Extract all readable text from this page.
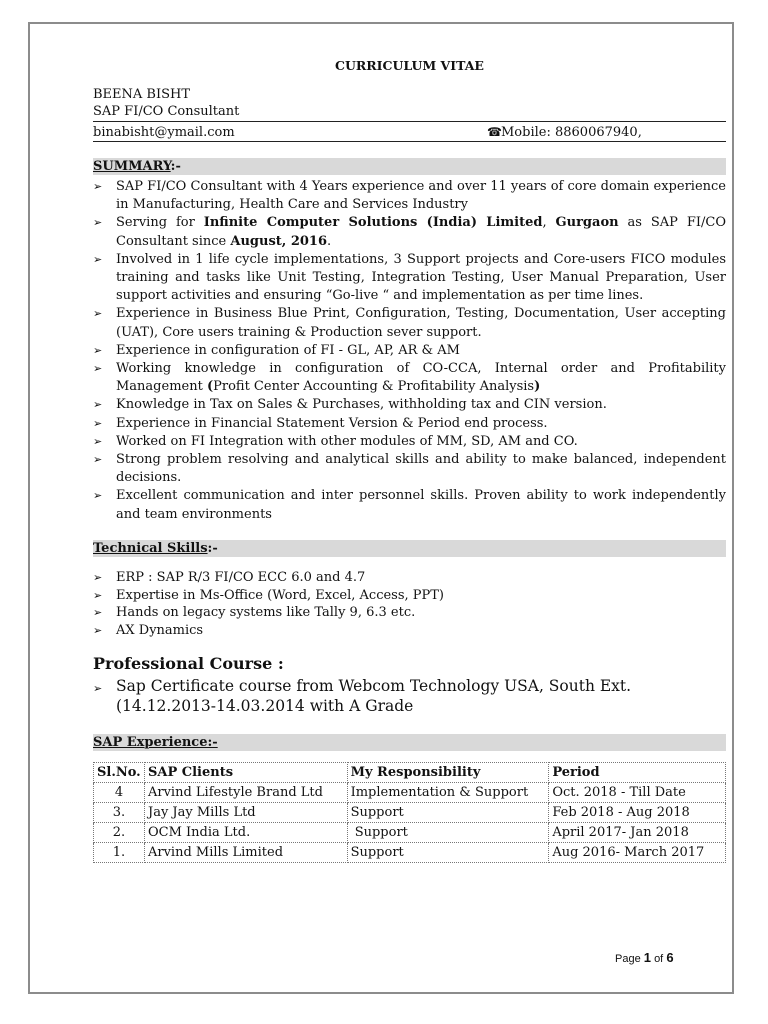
CURRICULUM VITAE
BEENA BISHT
SAP FI/CO Consultant
binabisht@ymail.com	☎Mobile: 8860067940,
SUMMARY:-
➢ SAP FI/CO Consultant with 4 Years experience and over 11 years of core domain experience in Manufacturing, Health Care and Services Industry
➢ Serving for Infinite Computer Solutions (India) Limited, Gurgaon as SAP FI/CO Consultant since August, 2016.
➢ Involved in 1 life cycle implementations, 3 Support projects and Core-users FICO modules training and tasks like Unit Testing, Integration Testing, User Manual Preparation, User support activities and ensuring “Go-live “ and implementation as per time lines.
➢ Experience in Business Blue Print, Configuration, Testing, Documentation, User accepting (UAT), Core users training & Production sever support.
➢ Experience in configuration of FI - GL, AP, AR & AM
➢ Working knowledge in configuration of CO-CCA, Internal order and Profitability Management (Profit Center Accounting & Profitability Analysis)
➢ Knowledge in Tax on Sales & Purchases, withholding tax and CIN version.
➢ Experience in Financial Statement Version & Period end process.
➢ Worked on FI Integration with other modules of MM, SD, AM and CO.
➢ Strong problem resolving and analytical skills and ability to make balanced, independent decisions.
➢ Excellent communication and inter personnel skills. Proven ability to work independently and team environments
Technical Skills:-
➢ ERP : SAP R/3 FI/CO ECC 6.0 and 4.7
➢ Expertise in Ms-Office (Word, Excel, Access, PPT)
➢ Hands on legacy systems like Tally 9, 6.3 etc.
➢ AX Dynamics
Professional Course :
➢ Sap Certificate course from Webcom Technology USA, South Ext. (14.12.2013-14.03.2014 with A Grade
SAP Experience:-
Sl.No.	SAP Clients	My Responsibility	Period
4	Arvind Lifestyle Brand Ltd	Implementation & Support	Oct. 2018 - Till Date
3.	Jay Jay Mills Ltd	Support	Feb 2018 - Aug 2018
2.	OCM India Ltd.	Support	April 2017- Jan 2018
1.	Arvind Mills Limited	Support	Aug 2016- March 2017
Page 1 of 6
